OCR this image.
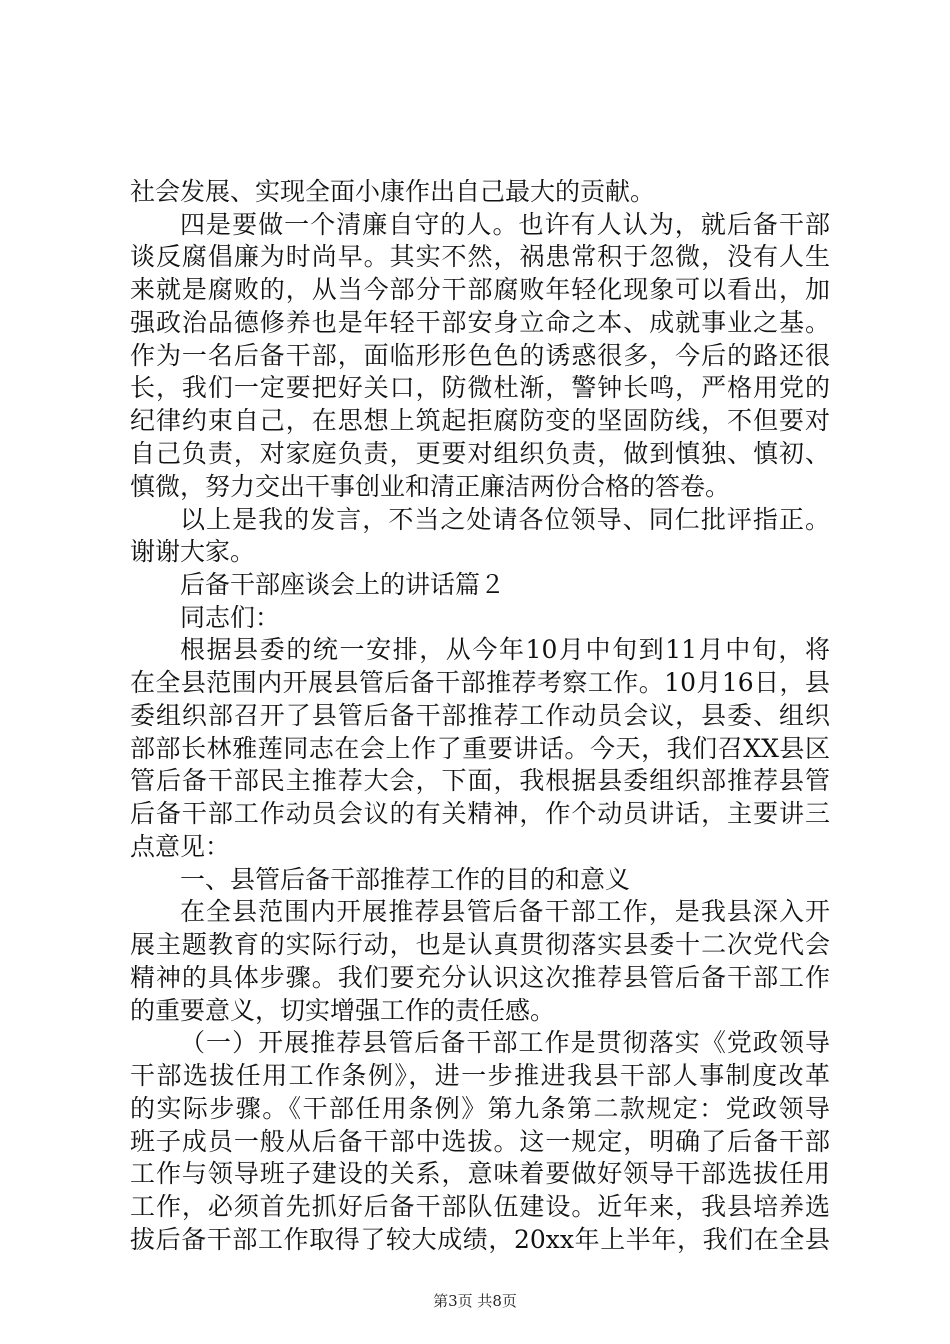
社会发展、实现全面小康作出自己最大的贡献。
四是要做一个清廉自守的人。也许有人认为，就后备干部
谈反腐倡廉为时尚早。其实不然，祸患常积于忽微，没有人生
来就是腐败的，从当今部分干部腐败年轻化现象可以看出，加
强政治品德修养也是年轻干部安身立命之本、成就事业之基。
作为一名后备干部，面临形形色色的诱惑很多，今后的路还很
长，我们一定要把好关口，防微杜渐，警钟长鸣，严格用党的
纪律约束自己，在思想上筑起拒腐防变的坚固防线，不但要对
自己负责，对家庭负责，更要对组织负责，做到慎独、慎初、
慎微，努力交出干事创业和清正廉洁两份合格的答卷。
以上是我的发言，不当之处请各位领导、同仁批评指正。
谢谢大家。
后备干部座谈会上的讲话篇２
同志们：
根据县委的统一安排，从今年10月中旬到11月中旬，将
在全县范围内开展县管后备干部推荐考察工作。10月16日，县
委组织部召开了县管后备干部推荐工作动员会议，县委、组织
部部长林雅莲同志在会上作了重要讲话。今天，我们召XX县区
管后备干部民主推荐大会，下面，我根据县委组织部推荐县管
后备干部工作动员会议的有关精神，作个动员讲话，主要讲三
点意见：
一、县管后备干部推荐工作的目的和意义
在全县范围内开展推荐县管后备干部工作，是我县深入开
展主题教育的实际行动，也是认真贯彻落实县委十二次党代会
精神的具体步骤。我们要充分认识这次推荐县管后备干部工作
的重要意义，切实增强工作的责任感。
（一）开展推荐县管后备干部工作是贯彻落实《党政领导
干部选拔任用工作条例》，进一步推进我县干部人事制度改革
的实际步骤。《干部任用条例》第九条第二款规定：党政领导
班子成员一般从后备干部中选拔。这一规定，明确了后备干部
工作与领导班子建设的关系，意味着要做好领导干部选拔任用
工作，必须首先抓好后备干部队伍建设。近年来，我县培养选
拔后备干部工作取得了较大成绩，20xx年上半年，我们在全县
第3页 共8页
